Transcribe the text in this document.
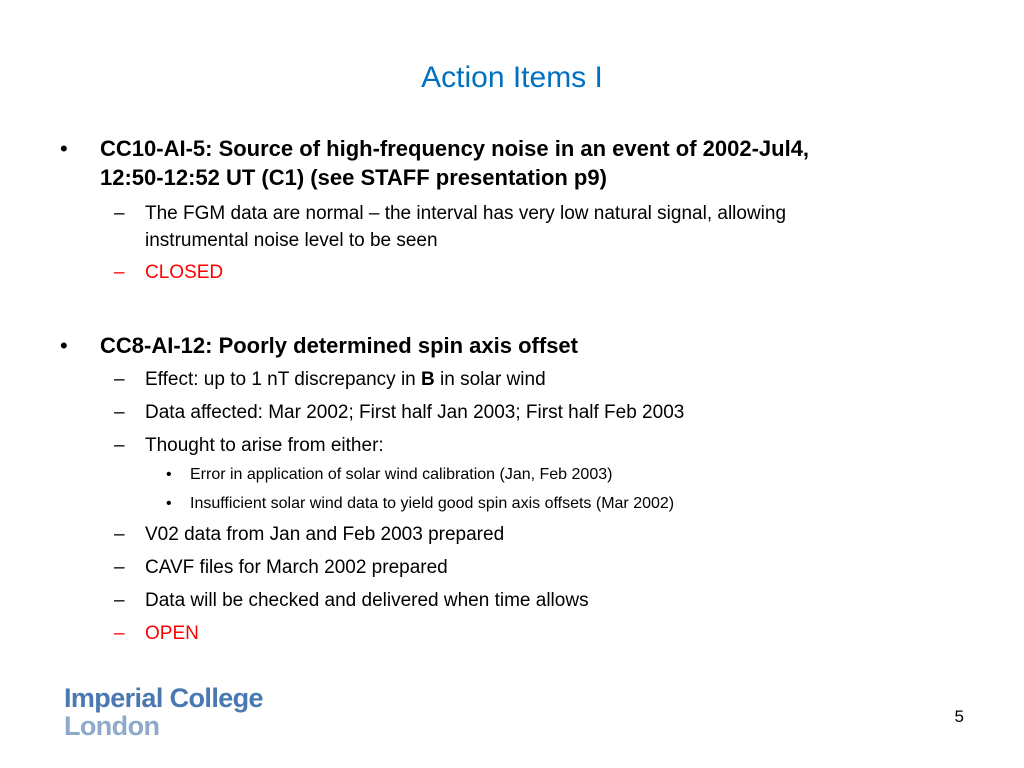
Action Items I
• CC10-AI-5: Source of high-frequency noise in an event of 2002-Jul4,
12:50-12:52 UT (C1) (see STAFF presentation p9)
– The FGM data are normal – the interval has very low natural signal, allowing
instrumental noise level to be seen
– CLOSED
• CC8-AI-12: Poorly determined spin axis offset
– Effect: up to 1 nT discrepancy in B in solar wind
– Data affected: Mar 2002; First half Jan 2003; First half Feb 2003
– Thought to arise from either:
• Error in application of solar wind calibration (Jan, Feb 2003)
• Insufficient solar wind data to yield good spin axis offsets (Mar 2002)
– V02 data from Jan and Feb 2003 prepared
– CAVF files for March 2002 prepared
– Data will be checked and delivered when time allows
– OPEN
Imperial College
London	5
